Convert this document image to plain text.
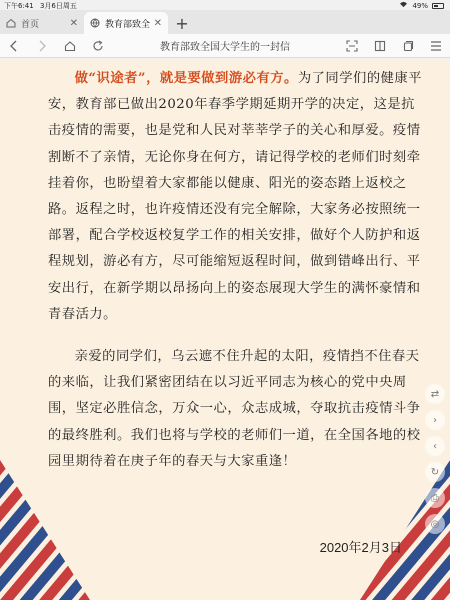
下午6:41 3月6日周五	49%
首页	✕	教育部致全 ✕ +
教育部致全国大学生的一封信

做“识途者”，就是要做到游必有方。为了同学们的健康平安，教育部已做出2020年春季学期延期开学的决定，这是抗击疫情的需要，也是党和人民对莘莘学子的关心和厚爱。疫情割断不了亲情，无论你身在何方，请记得学校的老师们时刻牵挂着你，也盼望着大家都能以健康、阳光的姿态踏上返校之路。返程之时，也许疫情还没有完全解除，大家务必按照统一部署，配合学校返校复学工作的相关安排，做好个人防护和返程规划，游必有方，尽可能缩短返程时间，做到错峰出行、平安出行，在新学期以昂扬向上的姿态展现大学生的满怀豪情和青春活力。

亲爱的同学们，乌云遮不住升起的太阳，疫情挡不住春天的来临，让我们紧密团结在以习近平同志为核心的党中央周围，坚定必胜信念，万众一心，众志成城，夺取抗击疫情斗争的最终胜利。我们也将与学校的老师们一道，在全国各地的校园里期待着在庚子年的春天与大家重逢！

2020年2月3日
⇄
›
‹
↻
⎙
◎
